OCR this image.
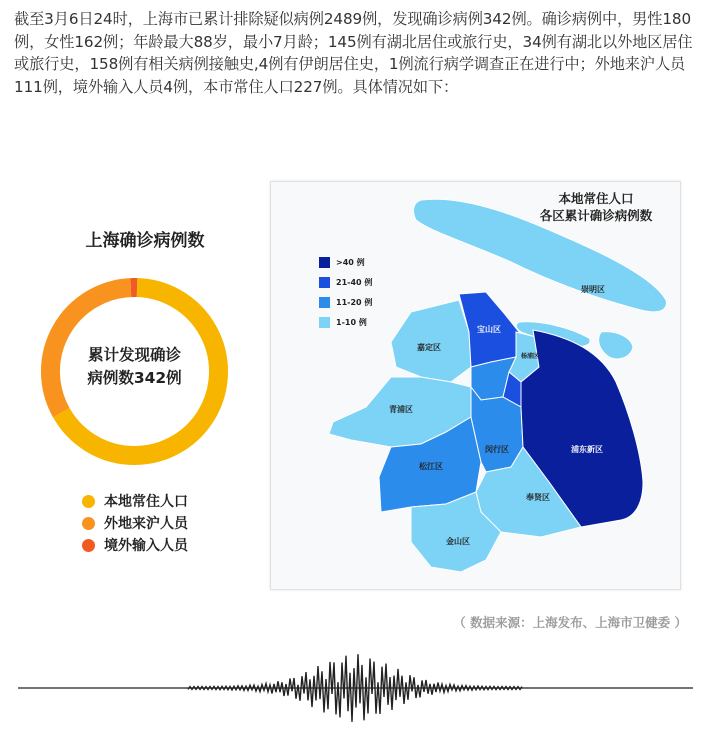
截至3月6日24时，上海市已累计排除疑似病例2489例，发现确诊病例342例。确诊病例中，男性180例，女性162例；年龄最大88岁，最小7月龄；145例有湖北居住或旅行史，34例有湖北以外地区居住或旅行史，158例有相关病例接触史,4例有伊朗居住史，1例流行病学调查正在进行中；外地来沪人员111例，境外输入人员4例，本市常住人口227例。具体情况如下：
上海确诊病例数
累计发现确诊
病例数342例
本地常住人口
外地来沪人员
境外输入人员
崇明区
宝山区
嘉定区
青浦区
松江区
闵行区	浦东新区
奉贤区
金山区
杨浦区
本地常住人口
各区累计确诊病例数
>40 例
21-40 例
11-20 例
1-10 例
（ 数据来源：上海发布、上海市卫健委 ）
